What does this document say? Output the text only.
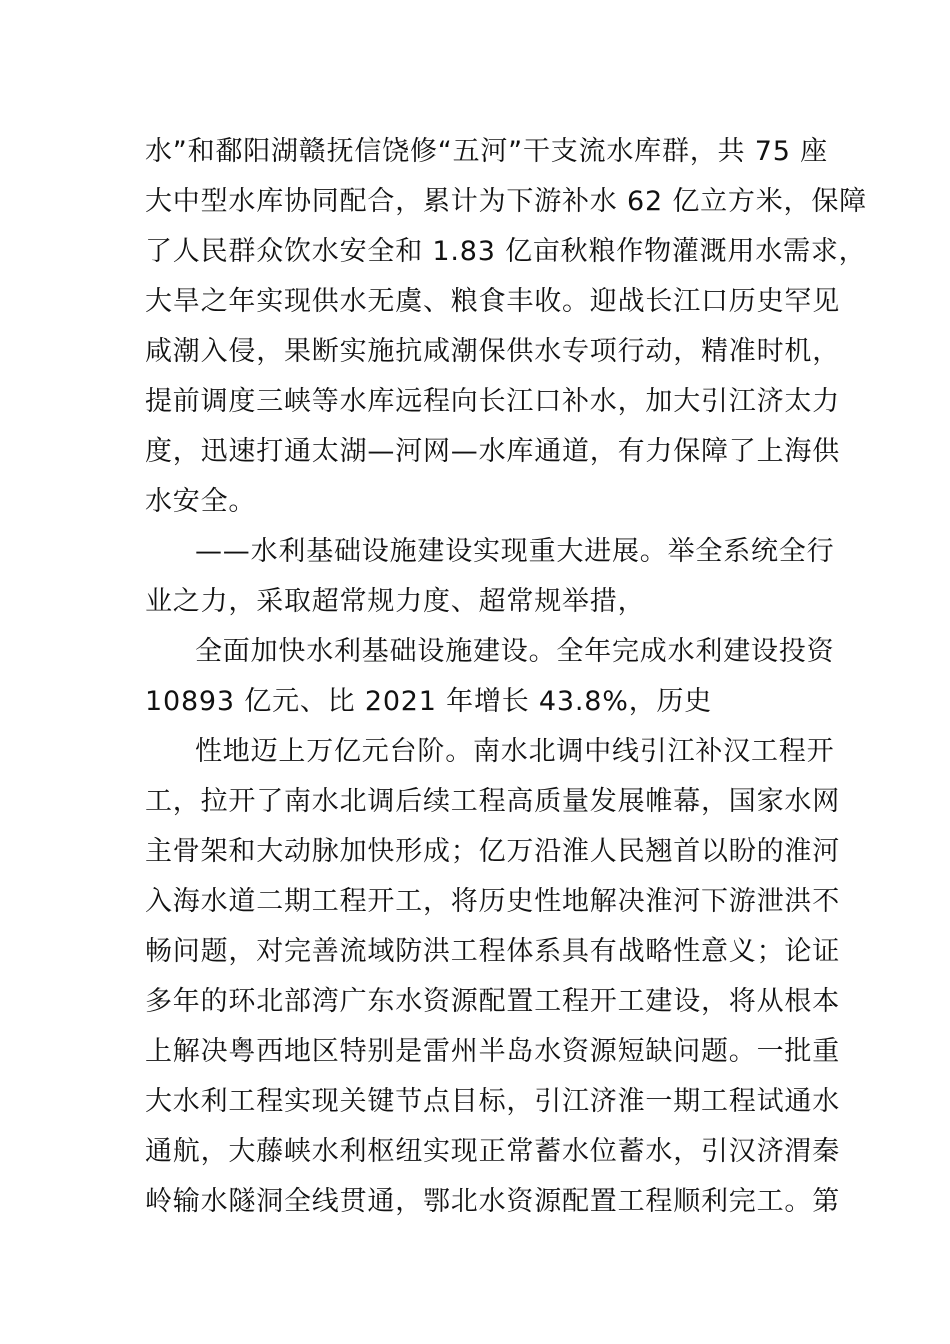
水”和鄱阳湖赣抚信饶修“五河”干支流水库群，共 75 座
大中型水库协同配合，累计为下游补水 62 亿立方米，保障
了人民群众饮水安全和 1.83 亿亩秋粮作物灌溉用水需求，
大旱之年实现供水无虞、粮食丰收。迎战长江口历史罕见
咸潮入侵，果断实施抗咸潮保供水专项行动，精准时机，
提前调度三峡等水库远程向长江口补水，加大引江济太力
度，迅速打通太湖—河网—水库通道，有力保障了上海供
水安全。
——水利基础设施建设实现重大进展。举全系统全行
业之力，采取超常规力度、超常规举措，
全面加快水利基础设施建设。全年完成水利建设投资
10893 亿元、比 2021 年增长 43.8%，历史
性地迈上万亿元台阶。南水北调中线引江补汉工程开
工，拉开了南水北调后续工程高质量发展帷幕，国家水网
主骨架和大动脉加快形成；亿万沿淮人民翘首以盼的淮河
入海水道二期工程开工，将历史性地解决淮河下游泄洪不
畅问题，对完善流域防洪工程体系具有战略性意义；论证
多年的环北部湾广东水资源配置工程开工建设，将从根本
上解决粤西地区特别是雷州半岛水资源短缺问题。一批重
大水利工程实现关键节点目标，引江济淮一期工程试通水
通航，大藤峡水利枢纽实现正常蓄水位蓄水，引汉济渭秦
岭输水隧洞全线贯通，鄂北水资源配置工程顺利完工。第
